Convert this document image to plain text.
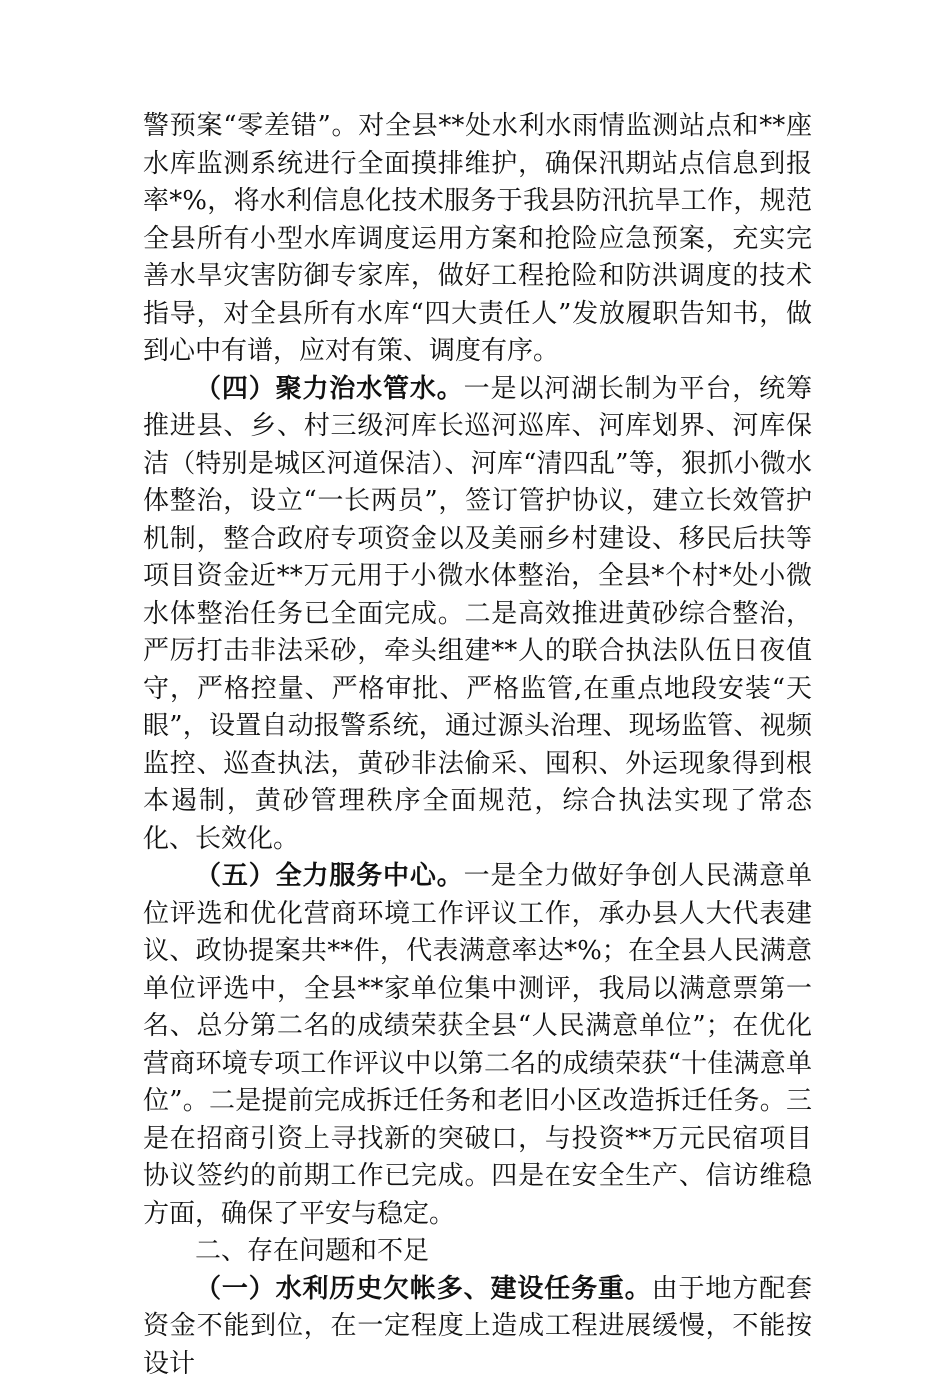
警预案“零差错”。对全县**处水利水雨情监测站点和**座水库监测系统进行全面摸排维护，确保汛期站点信息到报率*%，将水利信息化技术服务于我县防汛抗旱工作，规范全县所有小型水库调度运用方案和抢险应急预案，充实完善水旱灾害防御专家库，做好工程抢险和防洪调度的技术指导，对全县所有水库“四大责任人”发放履职告知书，做到心中有谱，应对有策、调度有序。

（四）聚力治水管水。一是以河湖长制为平台，统筹推进县、乡、村三级河库长巡河巡库、河库划界、河库保洁（特别是城区河道保洁）、河库“清四乱”等，狠抓小微水体整治，设立“一长两员”，签订管护协议，建立长效管护机制，整合政府专项资金以及美丽乡村建设、移民后扶等项目资金近**万元用于小微水体整治，全县*个村*处小微水体整治任务已全面完成。二是高效推进黄砂综合整治，严厉打击非法采砂，牵头组建**人的联合执法队伍日夜值守，严格控量、严格审批、严格监管,在重点地段安装“天眼”，设置自动报警系统，通过源头治理、现场监管、视频监控、巡查执法，黄砂非法偷采、囤积、外运现象得到根本遏制，黄砂管理秩序全面规范，综合执法实现了常态化、长效化。

（五）全力服务中心。一是全力做好争创人民满意单位评选和优化营商环境工作评议工作，承办县人大代表建议、政协提案共**件，代表满意率达*%；在全县人民满意单位评选中，全县**家单位集中测评，我局以满意票第一名、总分第二名的成绩荣获全县“人民满意单位”；在优化营商环境专项工作评议中以第二名的成绩荣获“十佳满意单位”。二是提前完成拆迁任务和老旧小区改造拆迁任务。三是在招商引资上寻找新的突破口，与投资**万元民宿项目协议签约的前期工作已完成。四是在安全生产、信访维稳方面，确保了平安与稳定。

二、存在问题和不足

（一）水利历史欠帐多、建设任务重。由于地方配套资金不能到位，在一定程度上造成工程进展缓慢，不能按设计
